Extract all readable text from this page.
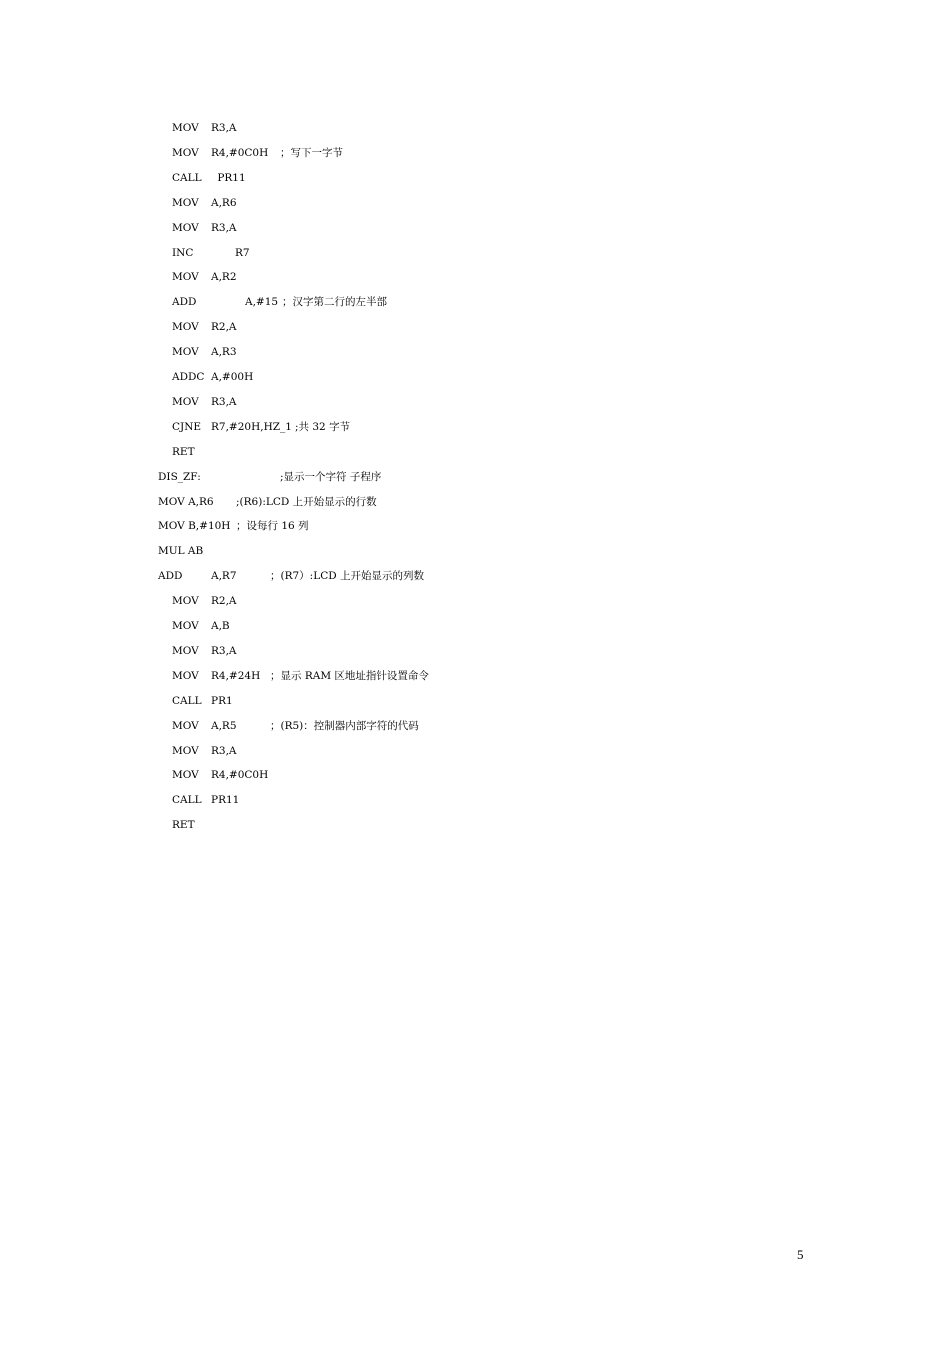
MOV R3,A
MOV R4,#0C0H ；写下一字节
CALL PR11
MOV A,R6
MOV R3,A
INC	R7
MOV A,R2
ADD	A,#15 ；汉字第二行的左半部
MOV R2,A
MOV A,R3
ADDC A,#00H
MOV R3,A
CJNE R7,#20H,HZ_1 ;共 32 字节
RET
DIS_ZF:	;显示一个字符 子程序
MOV A,R6 ;(R6):LCD 上开始显示的行数
MOV B,#10H ；设每行 16 列
MUL AB
ADD	A,R7	；(R7）:LCD 上开始显示的列数
MOV R2,A
MOV A,B
MOV R3,A
MOV R4,#24H ；显示 RAM 区地址指针设置命令
CALL PR1
MOV A,R5	；(R5)：控制器内部字符的代码
MOV R3,A
MOV R4,#0C0H
CALL PR11
RET
5
